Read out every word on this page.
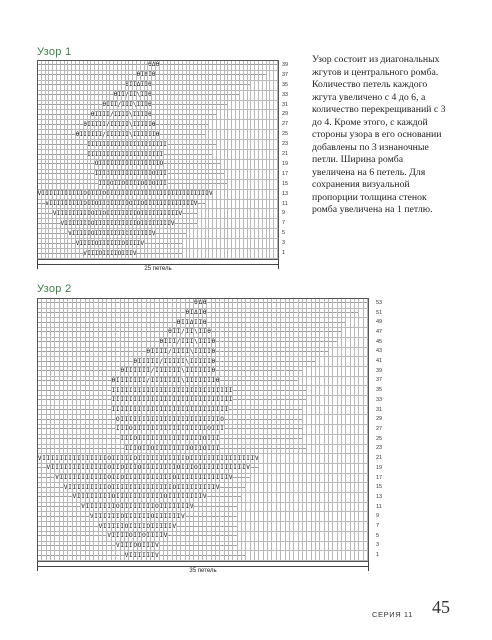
Узор 1
39
37
35
33
31
29
27
25
23
21
19
17
15
13
11
9
7
5
3
1
25 петель
Узор состоит из диагональных жгутов и центрального ромба. Количество петель каждого жгута увеличено с 4 до 6, а количество перекрещиваний с 3 до 4. Кроме этого, с каждой стороны узора в его основании добавлены по 3 изнаночные петли. Ширина ромба увеличена на 6 петель. Для сохранения визуальной пропорции толщина стенок ромба увеличена на 1 петлю.
Узор 2
– – – – – – – – – – – – – – – – – – – – – – – – – – – – – – – – – – – – Ө Δ Ө – – – – – – – – – – – – – – – – – – – – – – – – – – – – – – – – – – – – –
– – – – – – – – – – – – – – – – – – – – – – – – – – – – – – – – – – Ө I Δ I Ө – – – – – – – – – – – – – – – – – – – – – – – – – – – – – – – – – – –
– – – – – – – – – – – – – – – – – – – – – – – – – – – – – – – – Ө I I Δ I I Ө – – – – – – – – – – – – – – – – – – – – – – – – – – – – – – – –
– – – – – – – – – – – – – – – – – – – – – – – – – – – – – – Ө I I / I I \ I I Ө – – – – – – – – – – – – – – – – – – – – – – – – – – – – – –
– – – – – – – – – – – – – – – – – – – – – – – – – – – – Ө I I I / I I I \ I I I Ө – – – – – – – – – – – – – – – – – – – – – – – – – – – –
– – – – – – – – – – – – – – – – – – – – – – – – – Ө I I I I / I I I I \ I I I I Ө – – – – – – – – – – – – – – – – – – – – – – – – – –
– – – – – – – – – – – – – – – – – – – – – – Ө I I I I I / I I I I I \ I I I I I Ө – – – – – – – – – – – – – – – – – – – – – – –
– – – – – – – – – – – – – – – – – – – Ө I I I I I I / I I I I I I \ I I I I I I Ө – – – – – – – – – – – – – – – – – – – –
– – – – – – – – – – – – – – – – – Ө I I I I I I I / I I I I I I I \ I I I I I I I Ө – – – – – – – – – – – – – – – – – –
– – – – – – – – – – – – – – – – – I I I I I I I I I I I I I I I I I I I I I I I I I I I I – – – – – – – – – – – – – – – – –
– – – – – – – – – – – – – – – – – I I I I I I I I I I I I I I I I I I I I I I I I I I I I – – – – – – – – – – – – – – – – –
– – – – – – – – – – – – – – – – – I I I I I I I I I I I I I I I I I I I I I I I I I I I – – – – – – – – – – – – – – – – –
– – – – – – – – – – – – – – – – – – O I I I I I I I I I I I I I I I I I I I I I I I O – – – – – – – – – – – – – – – – – –
– – – – – – – – – – – – – – – – – – I I I O I I I I I I I I I I I I I I I I I O I I I – – – – – – – – – – – – – – – – – –
– – – – – – – – – – – – – – – – – – – I I I O I I I I I I I I I I I I I I I O I I I – – – – – – – – – – – – – – – – – – –
– – – – – – – – – – – – – – – – – – – – I I I O I I O I I I I I I I I O I I O I I I – – – – – – – – – – – – – – – – – – – –
V I I I I I I I I I I I I I I I O I I I I I O I I I I I I I I I I I O I I I I I I I I I I I I I I I V
– – V I I I I I I I I I I I I I O I I O I I I O I I I I I I I I O I I I O I I I I I I I I I I I V – –
– – – – V I I I I I I I I I I I O I I O I I I I I I I I I I I O I I I I I I I I I I I I V – – – –
– – – – – – V I I I I I I I I I O I I I I I I I I I I I I I I O I I I I I I I I I V – – – – – –
– – – – – – – – V I I I I I I I I O I I I I I I I I I I I O I I I I I I I I V – – – – – – – –
– – – – – – – – – – V I I I I I I I O I I I I I I I I O I I I I I I I V – – – – – – – – – –
– – – – – – – – – – – – V I I I I I I O I I I I I I O I I I I I I V – – – – – – – – – – – –
– – – – – – – – – – – – – – V I I I I I O I I I I O I I I I I V – – – – – – – – – – – – – –
– – – – – – – – – – – – – – – – V I I I I O I I O I I I I V – – – – – – – – – – – – – – – –
– – – – – – – – – – – – – – – – – – V I I I O O I I I V – – – – – – – – – – – – – – – – – –
– – – – – – – – – – – – – – – – – – – – V I I I I I I V – – – – – – – – – – – – – – – – – – – –
53
51
49
47
45
43
41
39
37
35
33
31
29
27
25
23
21
19
17
15
13
11
9
7
5
3
1
35 петель
СЕРИЯ 11 45
